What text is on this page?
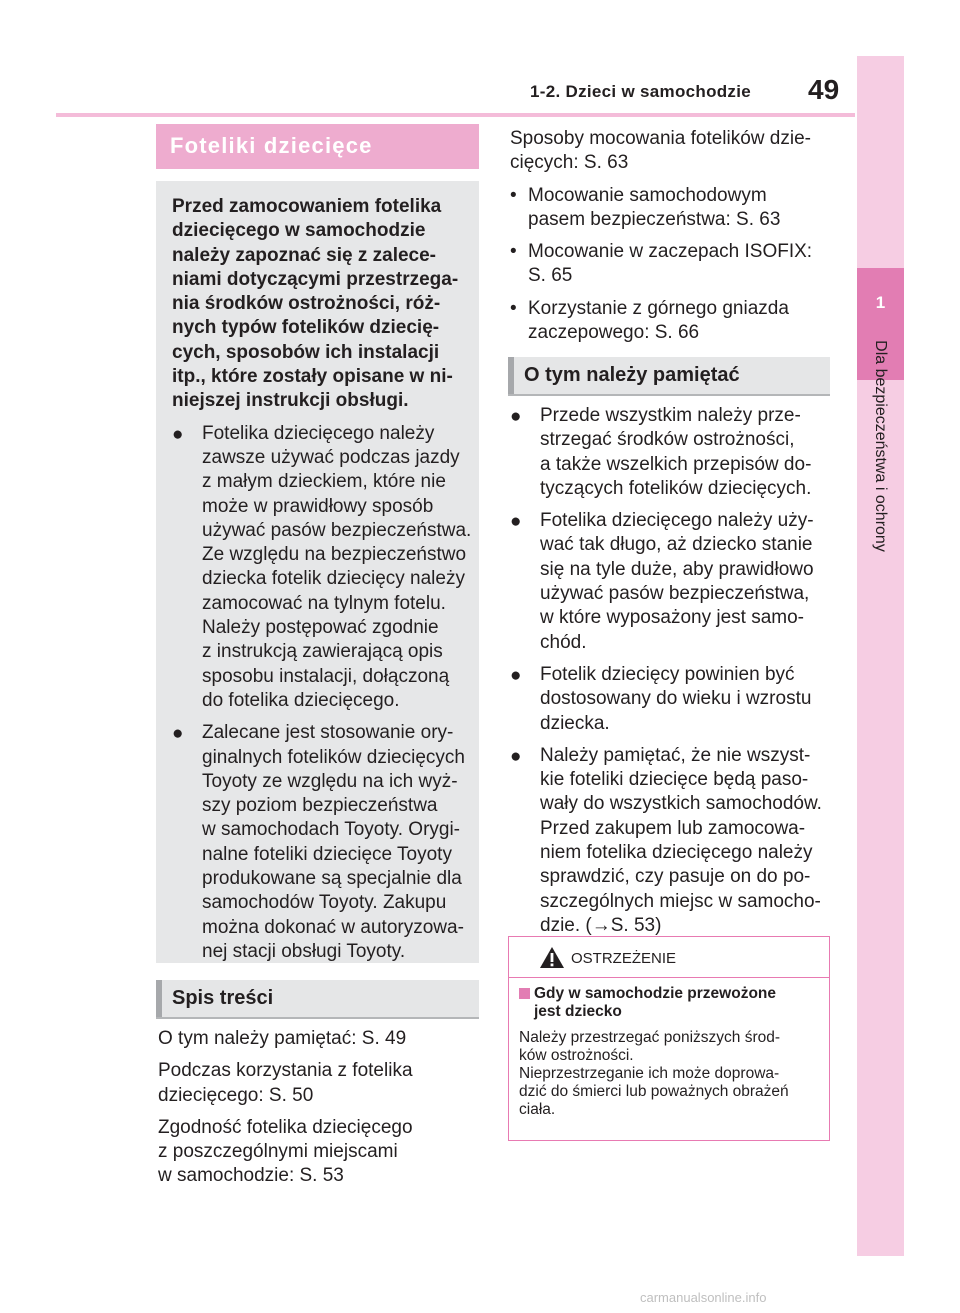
1-2. Dzieci w samochodzie 49
1
Dla bezpieczeństwa i ochrony
Foteliki dziecięce
Przed zamocowaniem fotelika
dziecięcego w samochodzie
należy zapoznać się z zalece-
niami dotyczącymi przestrzega-
nia środków ostrożności, róż-
nych typów fotelików dziecię-
cych, sposobów ich instalacji
itp., które zostały opisane w ni-
niejszej instrukcji obsługi.
● Fotelika dziecięcego należy
zawsze używać podczas jazdy
z małym dzieckiem, które nie
może w prawidłowy sposób
używać pasów bezpieczeństwa.
Ze względu na bezpieczeństwo
dziecka fotelik dziecięcy należy
zamocować na tylnym fotelu.
Należy postępować zgodnie
z instrukcją zawierającą opis
sposobu instalacji, dołączoną
do fotelika dziecięcego.
● Zalecane jest stosowanie ory-
ginalnych fotelików dziecięcych
Toyoty ze względu na ich wyż-
szy poziom bezpieczeństwa
w samochodach Toyoty. Orygi-
nalne foteliki dziecięce Toyoty
produkowane są specjalnie dla
samochodów Toyoty. Zakupu
można dokonać w autoryzowa-
nej stacji obsługi Toyoty.
Spis treści
O tym należy pamiętać: S. 49
Podczas korzystania z fotelika
dziecięcego: S. 50
Zgodność fotelika dziecięcego
z poszczególnymi miejscami
w samochodzie: S. 53
Sposoby mocowania fotelików dzie-
cięcych: S. 63
• Mocowanie samochodowym
pasem bezpieczeństwa: S. 63
• Mocowanie w zaczepach ISOFIX:
S. 65
• Korzystanie z górnego gniazda
zaczepowego: S. 66
O tym należy pamiętać
● Przede wszystkim należy prze-
strzegać środków ostrożności,
a także wszelkich przepisów do-
tyczących fotelików dziecięcych.
● Fotelika dziecięcego należy uży-
wać tak długo, aż dziecko stanie
się na tyle duże, aby prawidłowo
używać pasów bezpieczeństwa,
w które wyposażony jest samo-
chód.
● Fotelik dziecięcy powinien być
dostosowany do wieku i wzrostu
dziecka.
● Należy pamiętać, że nie wszyst-
kie foteliki dziecięce będą paso-
wały do wszystkich samochodów.
Przed zakupem lub zamocowa-
niem fotelika dziecięcego należy
sprawdzić, czy pasuje on do po-
szczególnych miejsc w samocho-
dzie. (→S. 53)
OSTRZEŻENIE
Gdy w samochodzie przewożone
jest dziecko
Należy przestrzegać poniższych środ-
ków ostrożności.
Nieprzestrzeganie ich może doprowa-
dzić do śmierci lub poważnych obrażeń
ciała.
carmanualsonline.info
